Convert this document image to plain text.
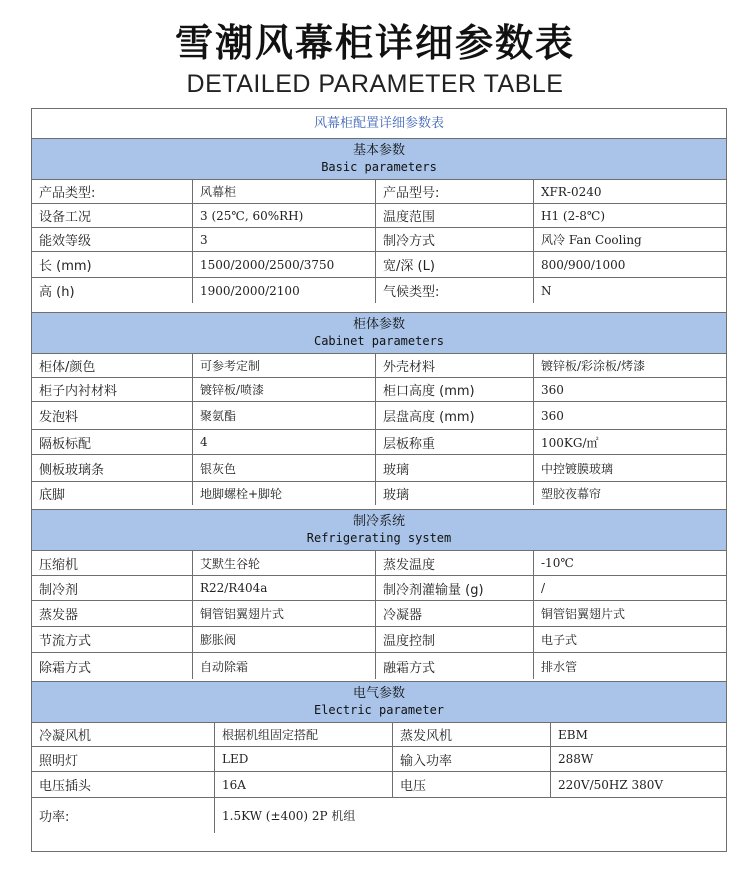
雪潮风幕柜详细参数表
DETAILED PARAMETER TABLE
风幕柜配置详细参数表
基本参数
Basic parameters
产品类型:	风幕柜	产品型号:	XFR-0240
设备工况	3 (25℃, 60%RH)	温度范围	H1 (2-8℃)
能效等级	3	制冷方式	风冷 Fan Cooling
长 (mm)	1500/2000/2500/3750	宽/深 (L)	800/900/1000
高 (h)	1900/2000/2100	气候类型:	N
柜体参数
Cabinet parameters
柜体/颜色	可参考定制	外壳材料	镀锌板/彩涂板/烤漆
柜子内衬材料	镀锌板/喷漆	柜口高度 (mm)	360
发泡料	聚氨酯	层盘高度 (mm)	360
隔板标配	4	层板称重	100KG/㎡
侧板玻璃条	银灰色	玻璃	中控镀膜玻璃
底脚	地脚螺栓+脚轮	玻璃	塑胶夜幕帘
制冷系统
Refrigerating system
压缩机	艾默生谷轮	蒸发温度	-10℃
制冷剂	R22/R404a	制冷剂灌输量 (g)	/
蒸发器	铜管铝翼翅片式	冷凝器	铜管铝翼翅片式
节流方式	膨胀阀	温度控制	电子式
除霜方式	自动除霜	融霜方式	排水管
电气参数
Electric parameter
冷凝风机	根据机组固定搭配	蒸发风机	EBM
照明灯	LED	输入功率	288W
电压插头	16A	电压	220V/50HZ 380V
功率:	1.5KW (±400) 2P 机组
